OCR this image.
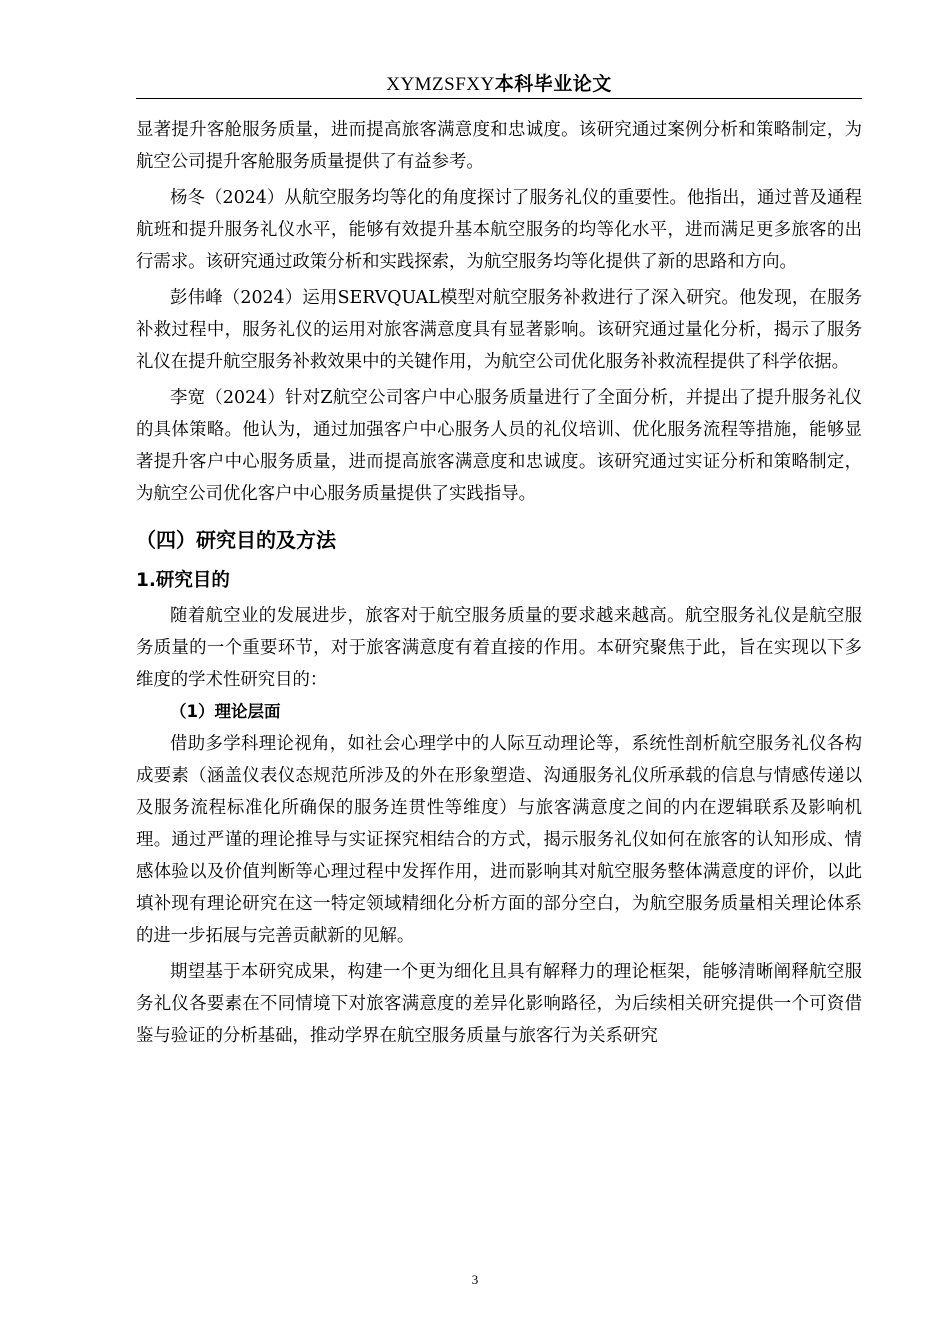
XYMZSFXY本科毕业论文

显著提升客舱服务质量，进而提高旅客满意度和忠诚度。该研究通过案例分析和策略制定，为航空公司提升客舱服务质量提供了有益参考。

杨冬（2024）从航空服务均等化的角度探讨了服务礼仪的重要性。他指出，通过普及通程航班和提升服务礼仪水平，能够有效提升基本航空服务的均等化水平，进而满足更多旅客的出行需求。该研究通过政策分析和实践探索，为航空服务均等化提供了新的思路和方向。

彭伟峰（2024）运用SERVQUAL模型对航空服务补救进行了深入研究。他发现，在服务补救过程中，服务礼仪的运用对旅客满意度具有显著影响。该研究通过量化分析，揭示了服务礼仪在提升航空服务补救效果中的关键作用，为航空公司优化服务补救流程提供了科学依据。

李宽（2024）针对Z航空公司客户中心服务质量进行了全面分析，并提出了提升服务礼仪的具体策略。他认为，通过加强客户中心服务人员的礼仪培训、优化服务流程等措施，能够显著提升客户中心服务质量，进而提高旅客满意度和忠诚度。该研究通过实证分析和策略制定，为航空公司优化客户中心服务质量提供了实践指导。

（四）研究目的及方法
1.研究目的

随着航空业的发展进步，旅客对于航空服务质量的要求越来越高。航空服务礼仪是航空服务质量的一个重要环节，对于旅客满意度有着直接的作用。本研究聚焦于此，旨在实现以下多维度的学术性研究目的：

（1）理论层面

借助多学科理论视角，如社会心理学中的人际互动理论等，系统性剖析航空服务礼仪各构成要素（涵盖仪表仪态规范所涉及的外在形象塑造、沟通服务礼仪所承载的信息与情感传递以及服务流程标准化所确保的服务连贯性等维度）与旅客满意度之间的内在逻辑联系及影响机理。通过严谨的理论推导与实证探究相结合的方式，揭示服务礼仪如何在旅客的认知形成、情感体验以及价值判断等心理过程中发挥作用，进而影响其对航空服务整体满意度的评价，以此填补现有理论研究在这一特定领域精细化分析方面的部分空白，为航空服务质量相关理论体系的进一步拓展与完善贡献新的见解。

期望基于本研究成果，构建一个更为细化且具有解释力的理论框架，能够清晰阐释航空服务礼仪各要素在不同情境下对旅客满意度的差异化影响路径，为后续相关研究提供一个可资借鉴与验证的分析基础，推动学界在航空服务质量与旅客行为关系研究

3
